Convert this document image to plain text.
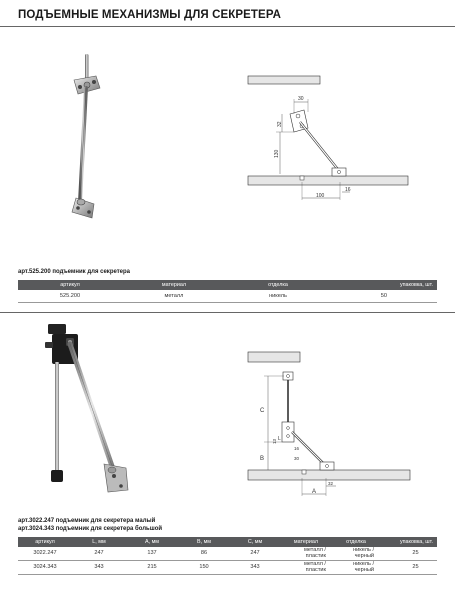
ПОДЪЕМНЫЕ МЕХАНИЗМЫ ДЛЯ СЕКРЕТЕРА
30
32
130
100
16
арт.525.200 подъемник для секретера
артикул	материал	отделка	упаковка, шт.
525.200	металл	никель	50
C
B
13 L
16
30
A
32
арт.3022.247 подъемник для секретера малый
арт.3024.343 подъемник для секретера большой
артикул	L, мм	А, мм	В, мм	С, мм	материал	отделка	упаковка, шт.
3022.247	247	137	86	247	металл / пластик	никель / черный	25
3024.343	343	215	150	343	металл / пластик	никель / черный	25
